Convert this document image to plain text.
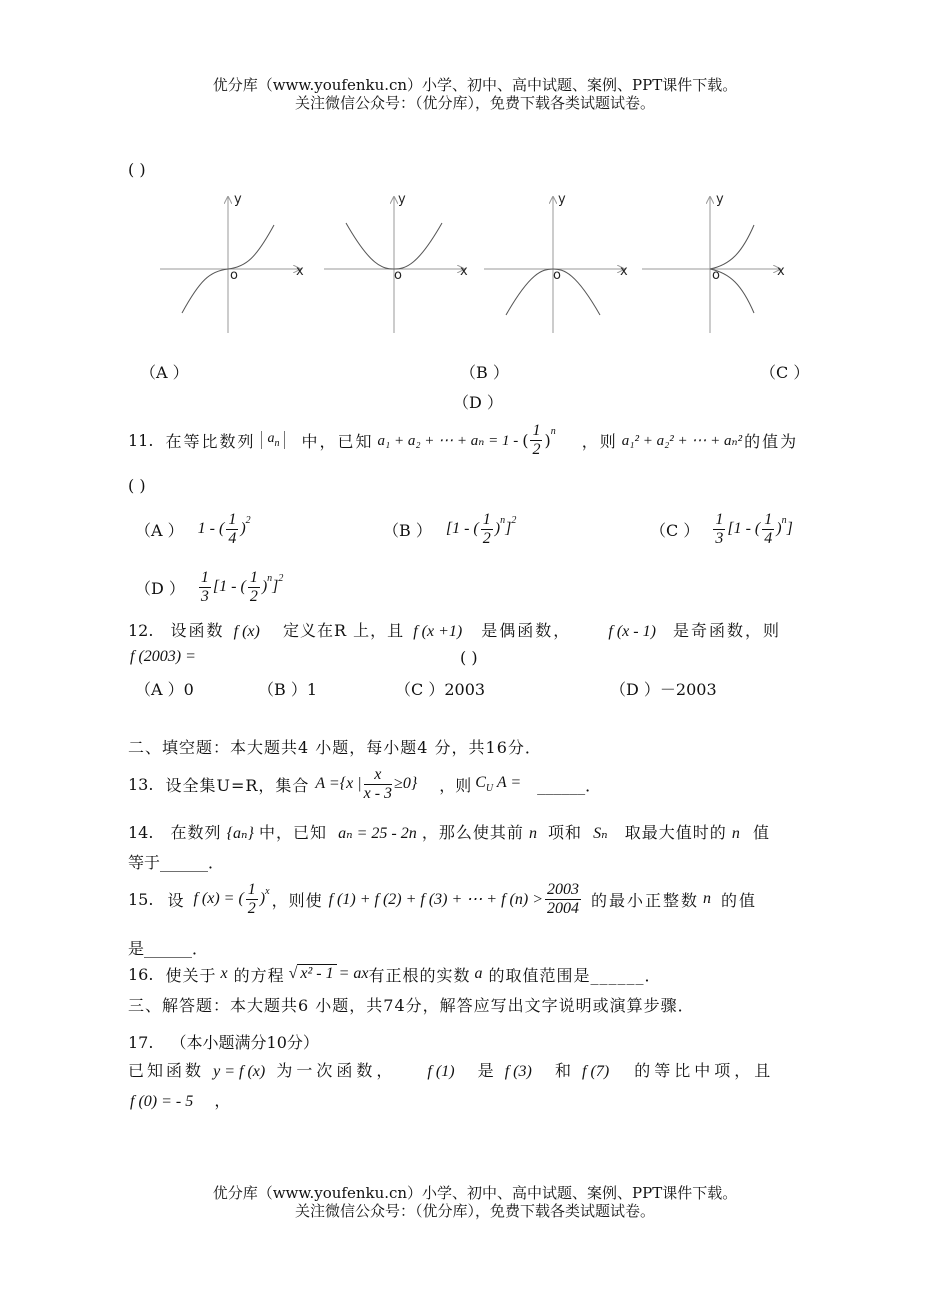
优分库（www.youfenku.cn）小学、初中、高中试题、案例、PPT课件下载。
关注微信公众号：（优分库），免费下载各类试题试卷。
( )
y
x
o
y
x
o
y
x
o
y
x
o
（A ）	（B ）	（C ）
（D ）
11. 在等比数列 $a_n$	中，已知 a₁ + a₂ + ⋯ + aₙ = 1 - ( $\frac{1}{2} )^n$ ，则 a₁² + a₂² + ⋯ + aₙ² 的值为
( )
（A ） 1 - ( $\frac{1}{4} )^2$	（B ） [1 - ( $\frac{1}{2} )^n$ ]$^2$	（C ） $\frac{1}{3} [1$ - ( $\frac{1}{4} )^n$ ]
（D ） $\frac{1}{3} [1$ - ( $\frac{1}{2} )^n$ ]$^2$
12. 设函数 f (x) 定义在R 上，且 f (x +1) 是偶函数， f (x - 1) 是奇函数，则
f (2003) =	( )
（A ）0	（B ）1	（C ）2003	（D ）－2003
二、填空题：本大题共4 小题，每小题4 分，共16分．
13. 设全集U=R，集合 A ={x | $\frac{x}{x - 3} \ge 0$} ，则 $C_U$ A = ______．
14. 在数列 {aₙ} 中，已知 aₙ = 25 - 2n ，那么使其前 n 项和 Sₙ 取最大值时的 n 值
等于______．
15. 设 f (x) = ( $\frac{1}{2} )^x$ ，则使 f (1) + f (2) + f (3) + ⋯ + f $(n) > \frac{2003}{2004}$ 的最小正整数 n 的值
是______．
16. 使关于 x 的方程 √ x² - 1 = ax 有正根的实数 a 的取值范围是______．
三、解答题：本大题共6 小题，共74分，解答应写出文字说明或演算步骤．
17. （本小题满分10分）
已知函数 y = f (x) 为一次函数， f (1) 是 f (3) 和 f (7) 的等比中项，且
f (0) = - 5 ，
优分库（www.youfenku.cn）小学、初中、高中试题、案例、PPT课件下载。
关注微信公众号：（优分库），免费下载各类试题试卷。
